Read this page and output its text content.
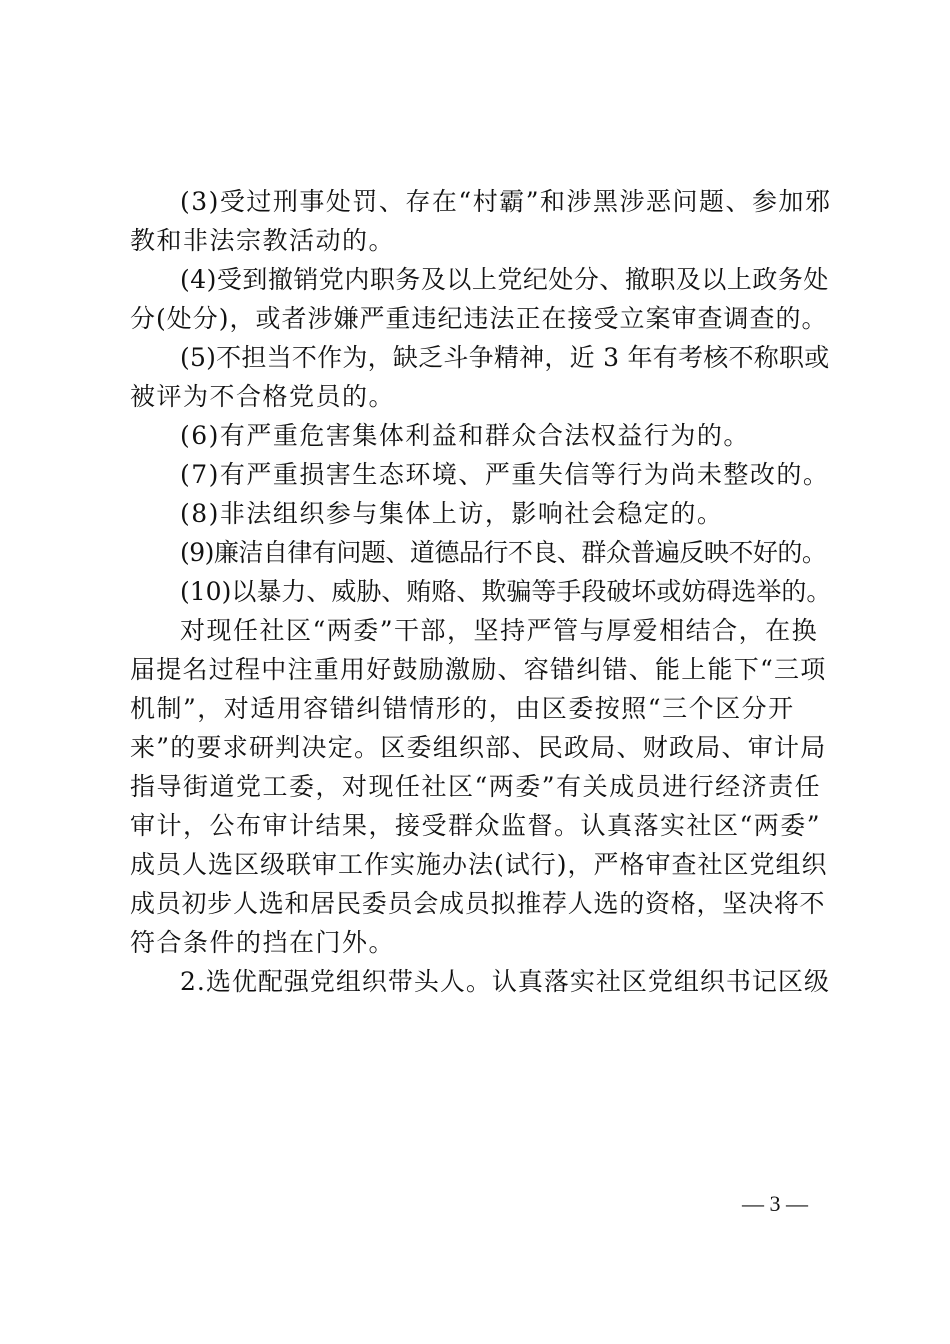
(3)受过刑事处罚、存在“村霸”和涉黑涉恶问题、参加邪
教和非法宗教活动的。
(4)受到撤销党内职务及以上党纪处分、撤职及以上政务处
分(处分)，或者涉嫌严重违纪违法正在接受立案审查调查的。
(5)不担当不作为，缺乏斗争精神，近 3 年有考核不称职或
被评为不合格党员的。
(6)有严重危害集体利益和群众合法权益行为的。
(7)有严重损害生态环境、严重失信等行为尚未整改的。
(8)非法组织参与集体上访，影响社会稳定的。
(9)廉洁自律有问题、道德品行不良、群众普遍反映不好的。
(10)以暴力、威胁、贿赂、欺骗等手段破坏或妨碍选举的。
对现任社区“两委”干部，坚持严管与厚爱相结合，在换
届提名过程中注重用好鼓励激励、容错纠错、能上能下“三项
机制”，对适用容错纠错情形的，由区委按照“三个区分开
来”的要求研判决定。区委组织部、民政局、财政局、审计局
指导街道党工委，对现任社区“两委”有关成员进行经济责任
审计，公布审计结果，接受群众监督。认真落实社区“两委”
成员人选区级联审工作实施办法(试行)，严格审查社区党组织
成员初步人选和居民委员会成员拟推荐人选的资格，坚决将不
符合条件的挡在门外。
2.选优配强党组织带头人。认真落实社区党组织书记区级
— 3 —
